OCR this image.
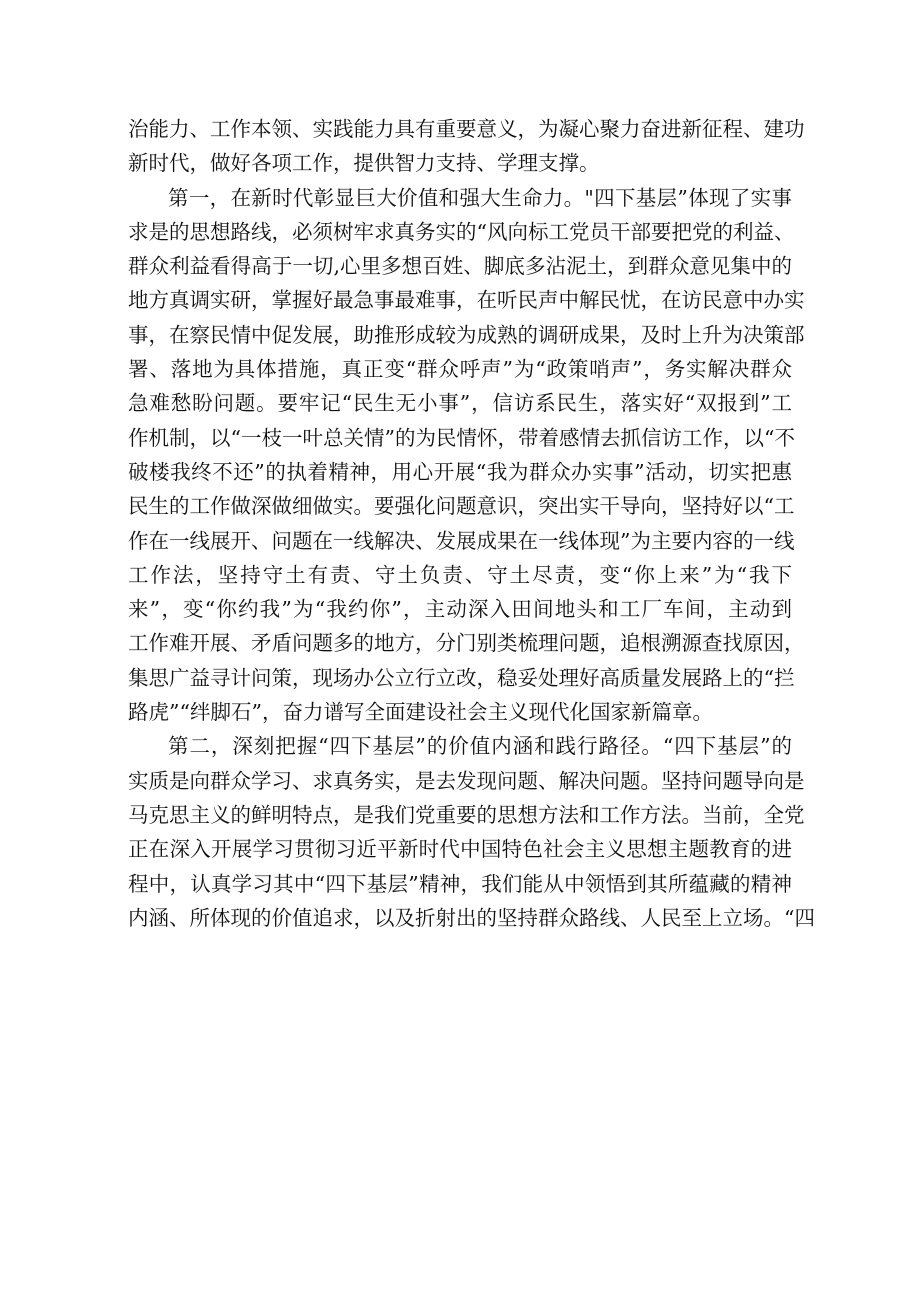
治能力、工作本领、实践能力具有重要意义，为凝心聚力奋进新征程、建功
新时代，做好各项工作，提供智力支持、学理支撑。
第一，在新时代彰显巨大价值和强大生命力。"四下基层”体现了实事
求是的思想路线，必须树牢求真务实的“风向标工党员干部要把党的利益、
群众利益看得高于一切,心里多想百姓、脚底多沾泥土，到群众意见集中的
地方真调实研，掌握好最急事最难事，在听民声中解民忧，在访民意中办实
事，在察民情中促发展，助推形成较为成熟的调研成果，及时上升为决策部
署、落地为具体措施，真正变“群众呼声”为“政策哨声”，务实解决群众
急难愁盼问题。要牢记“民生无小事”，信访系民生，落实好“双报到”工
作机制，以“一枝一叶总关情”的为民情怀，带着感情去抓信访工作，以“不
破楼我终不还”的执着精神，用心开展“我为群众办实事”活动，切实把惠
民生的工作做深做细做实。要强化问题意识，突出实干导向，坚持好以“工
作在一线展开、问题在一线解决、发展成果在一线体现”为主要内容的一线
工作法，坚持守土有责、守土负责、守土尽责，变“你上来”为“我下
来”，变“你约我”为“我约你”，主动深入田间地头和工厂车间，主动到
工作难开展、矛盾问题多的地方，分门别类梳理问题，追根溯源查找原因，
集思广益寻计问策，现场办公立行立改，稳妥处理好高质量发展路上的“拦
路虎”“绊脚石”，奋力谱写全面建设社会主义现代化国家新篇章。
第二，深刻把握“四下基层”的价值内涵和践行路径。“四下基层”的
实质是向群众学习、求真务实，是去发现问题、解决问题。坚持问题导向是
马克思主义的鲜明特点，是我们党重要的思想方法和工作方法。当前，全党
正在深入开展学习贯彻习近平新时代中国特色社会主义思想主题教育的进
程中，认真学习其中“四下基层”精神，我们能从中领悟到其所蕴藏的精神
内涵、所体现的价值追求，以及折射出的坚持群众路线、人民至上立场。“四
